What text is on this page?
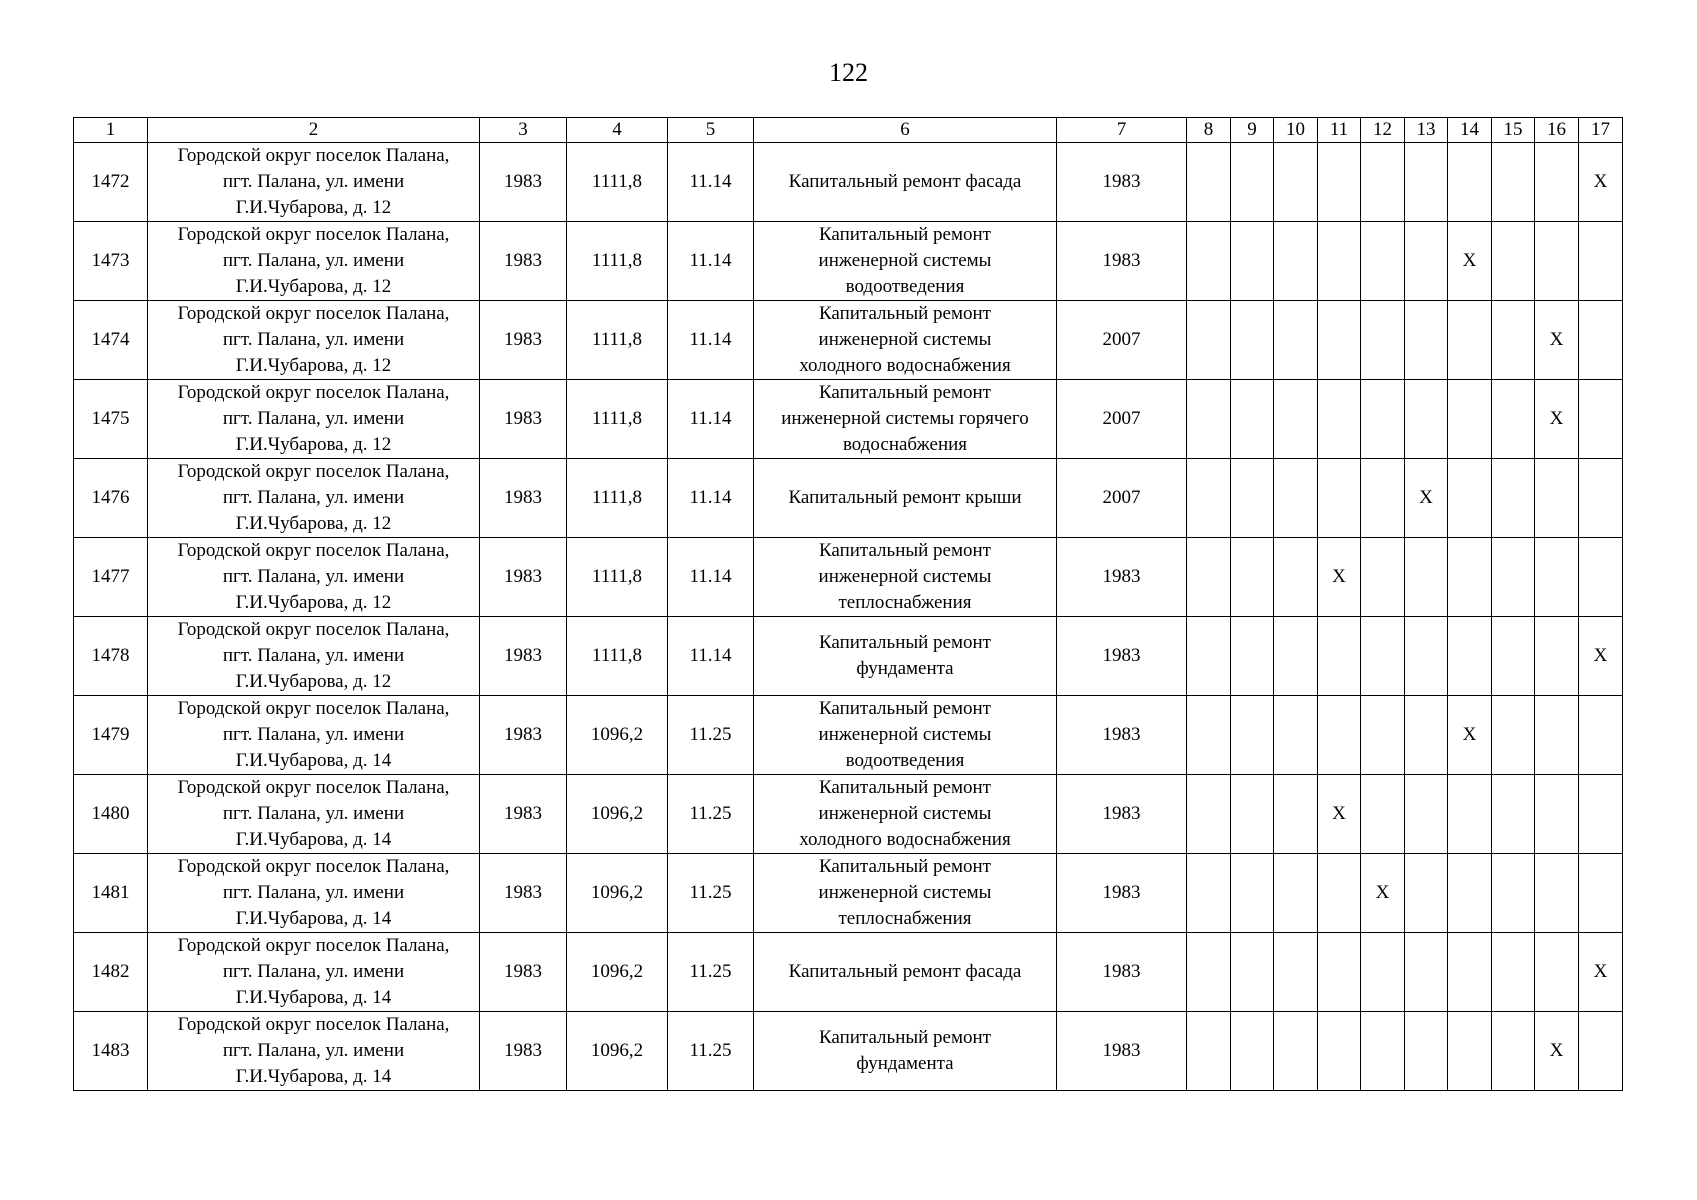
122
1	2	3	4	5	6	7	8	9	10	11	12	13	14	15	16	17
1472	Городской округ поселок Палана,
пгт. Палана, ул. имени
Г.И.Чубарова, д. 12	1983	1111,8	11.14	Капитальный ремонт фасада	1983										X
1473	Городской округ поселок Палана,
пгт. Палана, ул. имени
Г.И.Чубарова, д. 12	1983	1111,8	11.14	Капитальный ремонт
инженерной системы
водоотведения	1983							X			
1474	Городской округ поселок Палана,
пгт. Палана, ул. имени
Г.И.Чубарова, д. 12	1983	1111,8	11.14	Капитальный ремонт
инженерной системы
холодного водоснабжения	2007									X	
1475	Городской округ поселок Палана,
пгт. Палана, ул. имени
Г.И.Чубарова, д. 12	1983	1111,8	11.14	Капитальный ремонт
инженерной системы горячего
водоснабжения	2007									X	
1476	Городской округ поселок Палана,
пгт. Палана, ул. имени
Г.И.Чубарова, д. 12	1983	1111,8	11.14	Капитальный ремонт крыши	2007						X				
1477	Городской округ поселок Палана,
пгт. Палана, ул. имени
Г.И.Чубарова, д. 12	1983	1111,8	11.14	Капитальный ремонт
инженерной системы
теплоснабжения	1983				X						
1478	Городской округ поселок Палана,
пгт. Палана, ул. имени
Г.И.Чубарова, д. 12	1983	1111,8	11.14	Капитальный ремонт
фундамента	1983										X
1479	Городской округ поселок Палана,
пгт. Палана, ул. имени
Г.И.Чубарова, д. 14	1983	1096,2	11.25	Капитальный ремонт
инженерной системы
водоотведения	1983							X			
1480	Городской округ поселок Палана,
пгт. Палана, ул. имени
Г.И.Чубарова, д. 14	1983	1096,2	11.25	Капитальный ремонт
инженерной системы
холодного водоснабжения	1983				X						
1481	Городской округ поселок Палана,
пгт. Палана, ул. имени
Г.И.Чубарова, д. 14	1983	1096,2	11.25	Капитальный ремонт
инженерной системы
теплоснабжения	1983					X					
1482	Городской округ поселок Палана,
пгт. Палана, ул. имени
Г.И.Чубарова, д. 14	1983	1096,2	11.25	Капитальный ремонт фасада	1983										X
1483	Городской округ поселок Палана,
пгт. Палана, ул. имени
Г.И.Чубарова, д. 14	1983	1096,2	11.25	Капитальный ремонт
фундамента	1983									X	
